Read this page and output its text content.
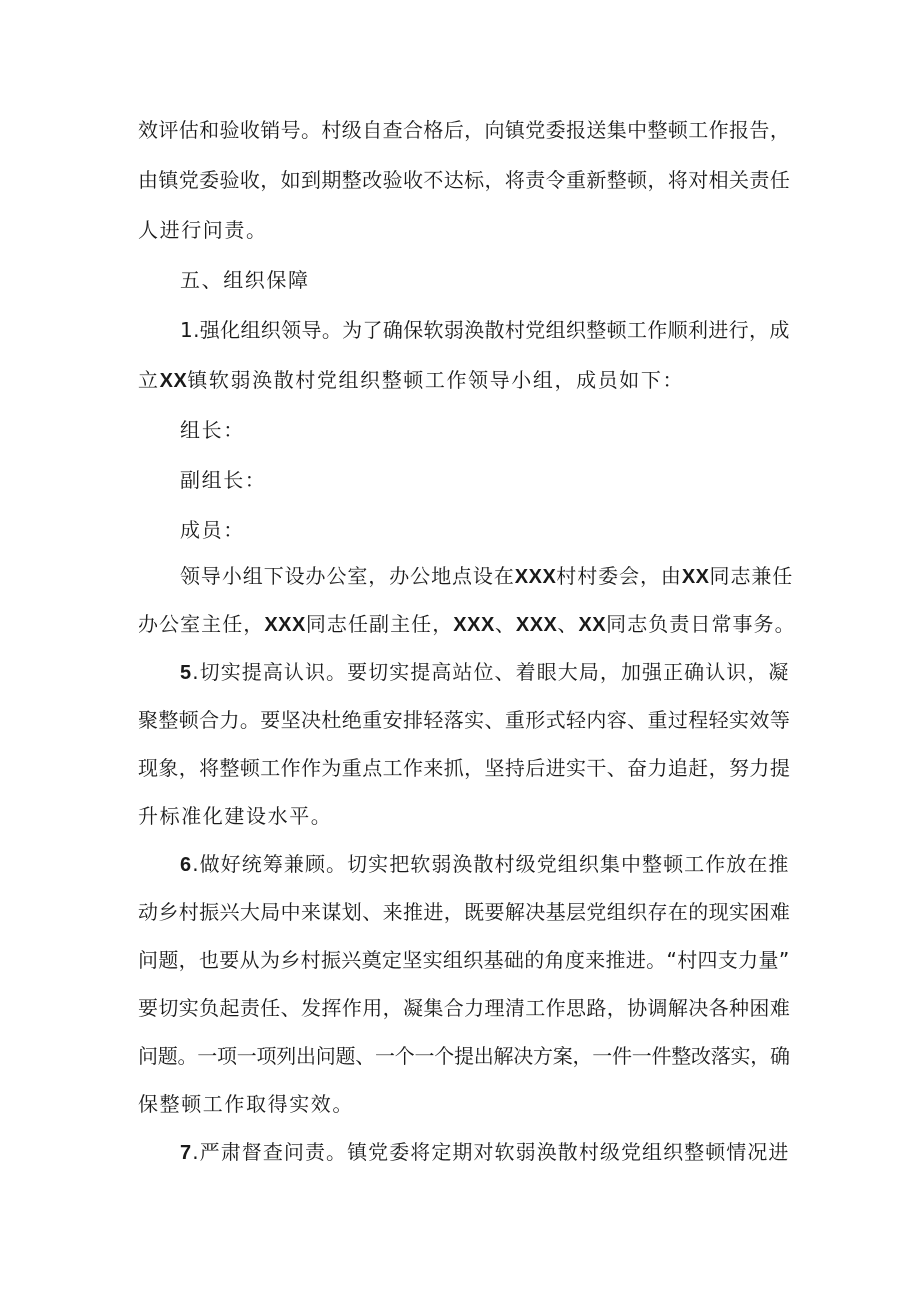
效评估和验收销号。村级自查合格后，向镇党委报送集中整顿工作报告，
由镇党委验收，如到期整改验收不达标，将责令重新整顿，将对相关责任
人进行问责。
五、组织保障
1.强化组织领导。为了确保软弱涣散村党组织整顿工作顺利进行，成
立XX镇软弱涣散村党组织整顿工作领导小组，成员如下：
组长：
副组长：
成员：
领导小组下设办公室，办公地点设在XXX村村委会，由XX同志兼任
办公室主任，XXX同志任副主任，XXX、XXX、XX同志负责日常事务。
5.切实提高认识。要切实提高站位、着眼大局，加强正确认识，凝
聚整顿合力。要坚决杜绝重安排轻落实、重形式轻内容、重过程轻实效等
现象，将整顿工作作为重点工作来抓，坚持后进实干、奋力追赶，努力提
升标准化建设水平。
6.做好统筹兼顾。切实把软弱涣散村级党组织集中整顿工作放在推
动乡村振兴大局中来谋划、来推进，既要解决基层党组织存在的现实困难
问题，也要从为乡村振兴奠定坚实组织基础的角度来推进。“村四支力量”
要切实负起责任、发挥作用，凝集合力理清工作思路，协调解决各种困难
问题。一项一项列出问题、一个一个提出解决方案，一件一件整改落实，确
保整顿工作取得实效。
7.严肃督查问责。镇党委将定期对软弱涣散村级党组织整顿情况进
